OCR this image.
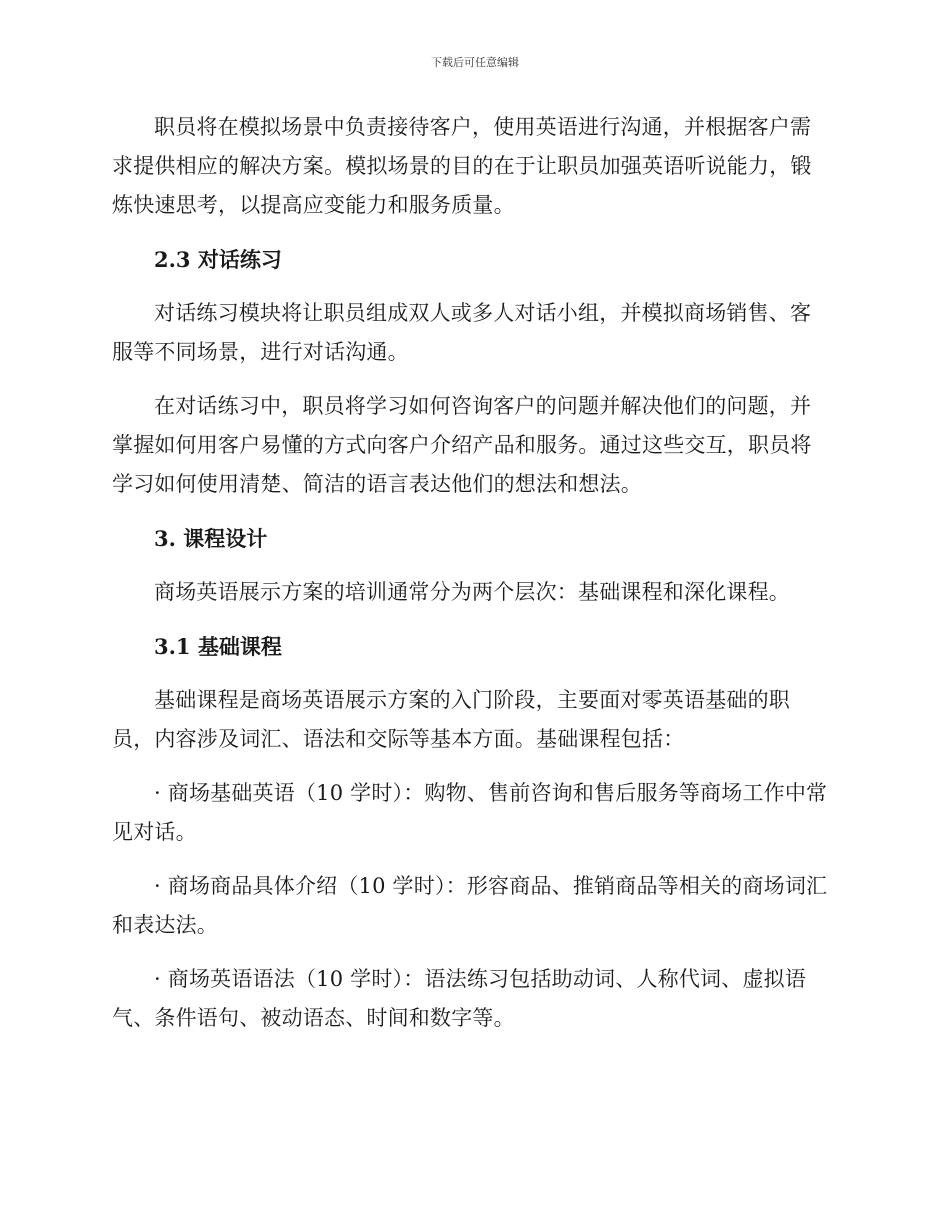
下载后可任意编辑

职员将在模拟场景中负责接待客户，使用英语进行沟通，并根据客户需求提供相应的解决方案。模拟场景的目的在于让职员加强英语听说能力，锻炼快速思考，以提高应变能力和服务质量。

2.3 对话练习

对话练习模块将让职员组成双人或多人对话小组，并模拟商场销售、客服等不同场景，进行对话沟通。

在对话练习中，职员将学习如何咨询客户的问题并解决他们的问题，并掌握如何用客户易懂的方式向客户介绍产品和服务。通过这些交互，职员将学习如何使用清楚、简洁的语言表达他们的想法和想法。

3. 课程设计

商场英语展示方案的培训通常分为两个层次：基础课程和深化课程。

3.1 基础课程

基础课程是商场英语展示方案的入门阶段，主要面对零英语基础的职员，内容涉及词汇、语法和交际等基本方面。基础课程包括：

· 商场基础英语（10 学时）：购物、售前咨询和售后服务等商场工作中常见对话。

· 商场商品具体介绍（10 学时）：形容商品、推销商品等相关的商场词汇和表达法。

· 商场英语语法（10 学时）：语法练习包括助动词、人称代词、虚拟语气、条件语句、被动语态、时间和数字等。
